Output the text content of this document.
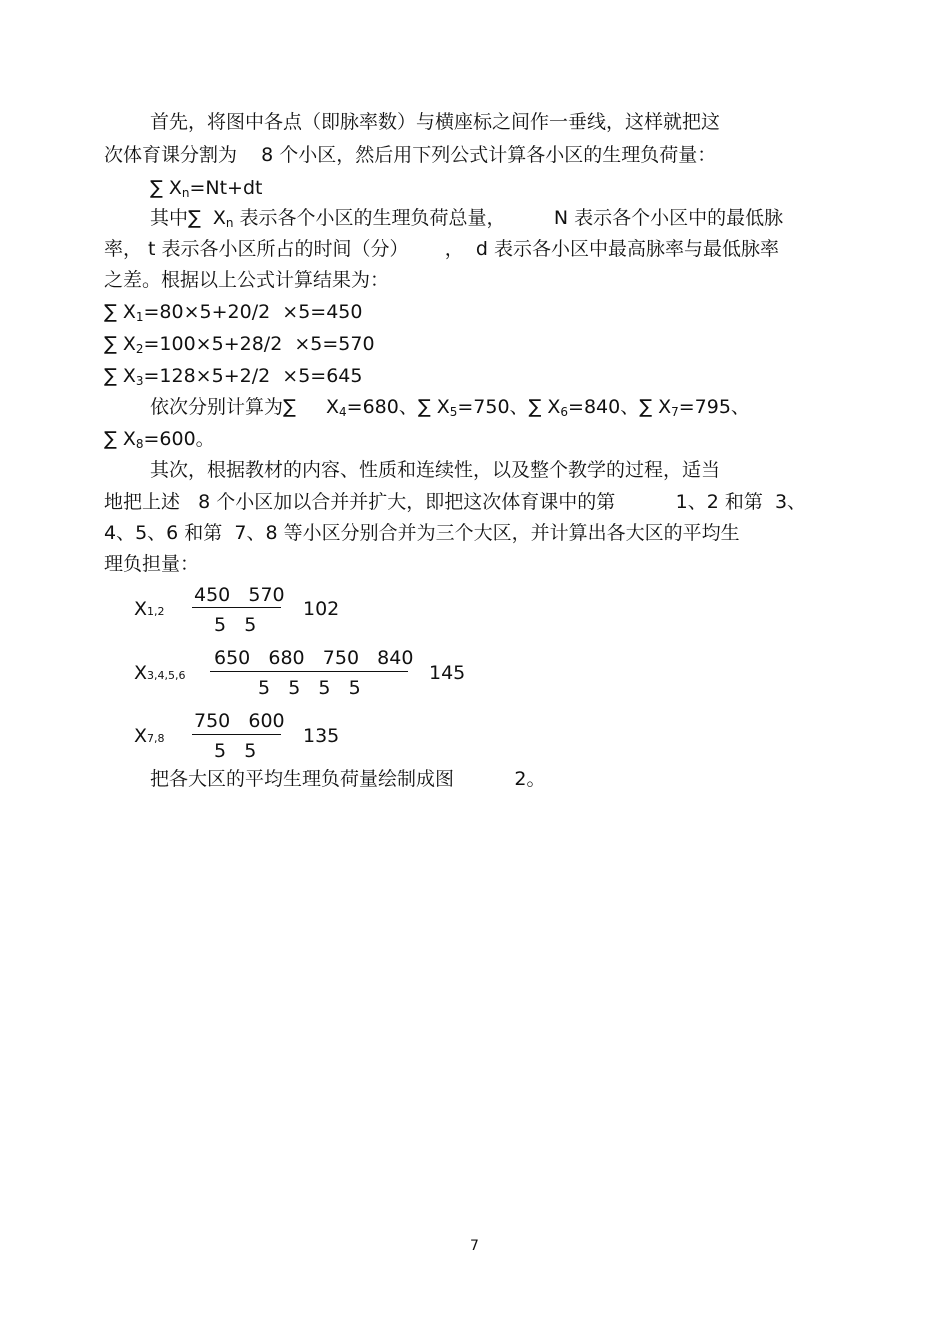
首先，将图中各点（即脉率数）与横座标之间作一垂线，这样就把这
次体育课分割为    8 个小区，然后用下列公式计算各小区的生理负荷量：
∑ $X_n=Nt+dt$
其中∑  $X_n$ 表示各个小区的生理负荷总量，        N 表示各个小区中的最低脉
率， t 表示各小区所占的时间（分）      ，  d 表示各小区中最高脉率与最低脉率
之差。根据以上公式计算结果为：
∑ $X_1=80\times 5+20/2 \times 5=450$
∑ $X_2=100\times 5+28/2 \times 5=570$
∑ $X_3=128\times 5+2/2 \times 5=645$
依次分别计算为∑     $X_4=680$、∑ $X_5=750$、∑ $X_6=840$、∑ $X_7=795$、
∑ $X_8=600$。
其次，根据教材的内容、性质和连续性，以及整个教学的过程，适当
地把上述   8 个小区加以合并并扩大，即把这次体育课中的第          1、2 和第  3、
4、5、6 和第  7、8 等小区分别合并为三个大区，并计算出各大区的平均生
理负担量：
X1,2
450   570
5   5
102
X3,4,5,6
650   680   750   840
5   5   5   5
145
X7,8
750   600
5   5
135
把各大区的平均生理负荷量绘制成图          2。
7
